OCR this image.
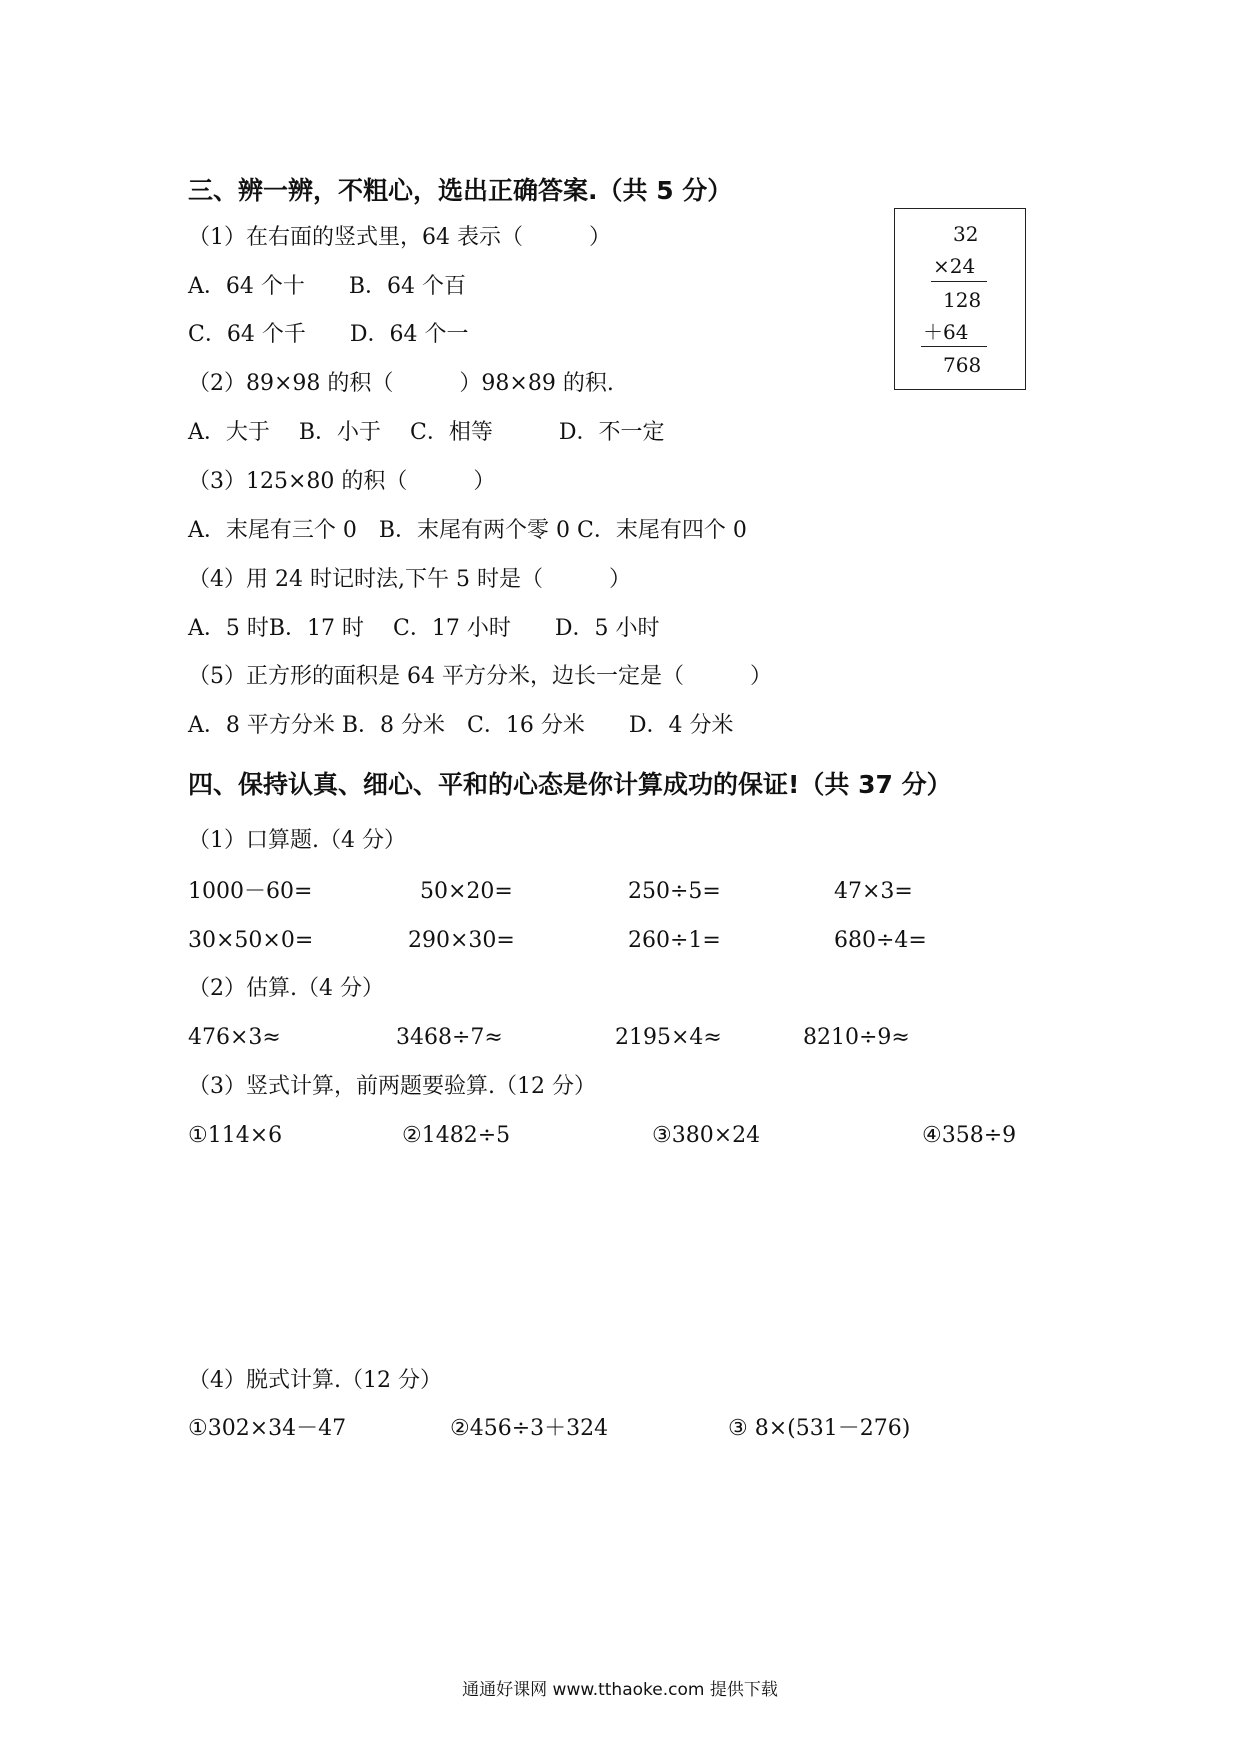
三、辨一辨，不粗心，选出正确答案.（共 5 分）
（1）在右面的竖式里，64 表示（　　　）
A．64 个十　　B．64 个百
C．64 个千　　D．64 个一
32
×24
128
＋64
768
（2）89×98 的积（　　　）98×89 的积.
A．大于　 B．小于　 C．相等　　　D．不一定
（3）125×80 的积（　　　）
A．末尾有三个 0　B．末尾有两个零 0 C．末尾有四个 0
（4）用 24 时记时法,下午 5 时是（　　　）
A．5 时B．17 时　 C．17 小时　　D．5 小时
（5）正方形的面积是 64 平方分米，边长一定是（　　　）
A．8 平方分米 B．8 分米　C．16 分米　　D．4 分米
四、保持认真、细心、平和的心态是你计算成功的保证!（共 37 分）
（1）口算题.（4 分）
1000－60=	50×20=	250÷5=	47×3=
30×50×0=	290×30=	260÷1=	680÷4=
（2）估算.（4 分）
476×3≈	3468÷7≈	2195×4≈	8210÷9≈
（3）竖式计算，前两题要验算.（12 分）
①114×6	②1482÷5	③380×24	④358÷9
（4）脱式计算.（12 分）
①302×34－47	②456÷3＋324	③ 8×(531－276)
通通好课网 www.tthaoke.com 提供下载
